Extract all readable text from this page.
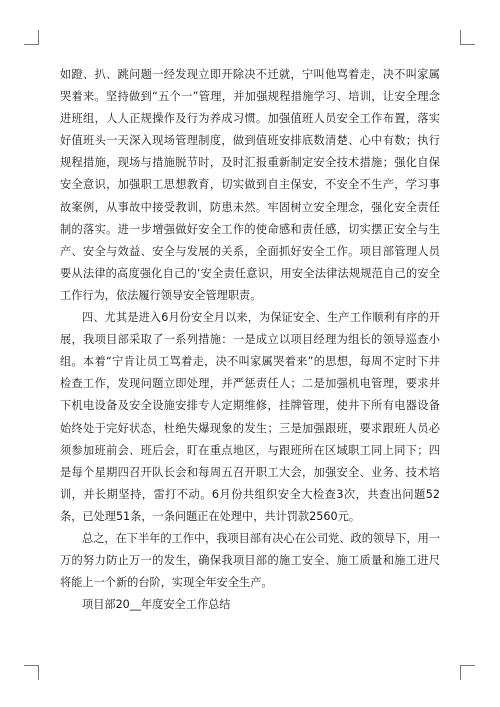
如蹬、扒、跳问题一经发现立即开除决不迁就，宁叫他骂着走，决不叫家属哭着来。坚持做到“五个一”管理，并加强规程措施学习、培训，让安全理念进班组，人人正规操作及行为养成习惯。加强值班人员安全工作布置，落实好值班头一天深入现场管理制度，做到值班安排底数清楚、心中有数；执行规程措施，现场与措施脱节时，及时汇报重新制定安全技术措施；强化自保安全意识，加强职工思想教育，切实做到自主保安，不安全不生产，学习事故案例，从事故中接受教训，防患未然。牢固树立安全理念，强化安全责任制的落实。进一步增强做好安全工作的使命感和责任感，切实摆正安全与生产、安全与效益、安全与发展的关系，全面抓好安全工作。项目部管理人员要从法律的高度强化自己的‘安全责任意识，用安全法律法规规范自己的安全工作行为，依法履行领导安全管理职责。

四、尤其是进入6月份安全月以来，为保证安全、生产工作顺利有序的开展，我项目部采取了一系列措施：一是成立以项目经理为组长的领导巡查小组。本着“宁肯让员工骂着走，决不叫家属哭着来”的思想，每周不定时下井检查工作，发现问题立即处理，并严惩责任人；二是加强机电管理，要求井下机电设备及安全设施安排专人定期维修，挂牌管理，使井下所有电器设备始终处于完好状态，杜绝失爆现象的发生；三是加强跟班，要求跟班人员必须参加班前会、班后会，盯在重点地区，与跟班所在区域职工同上同下；四是每个星期四召开队长会和每周五召开职工大会，加强安全、业务、技术培训，并长期坚持，雷打不动。6月份共组织安全大检查3次，共查出问题52条，已处理51条，一条问题正在处理中，共计罚款2560元。

总之，在下半年的工作中，我项目部有决心在公司党、政的领导下，用一万的努力防止万一的发生，确保我项目部的施工安全、施工质量和施工进尺将能上一个新的台阶，实现全年安全生产。

项目部20__年度安全工作总结
